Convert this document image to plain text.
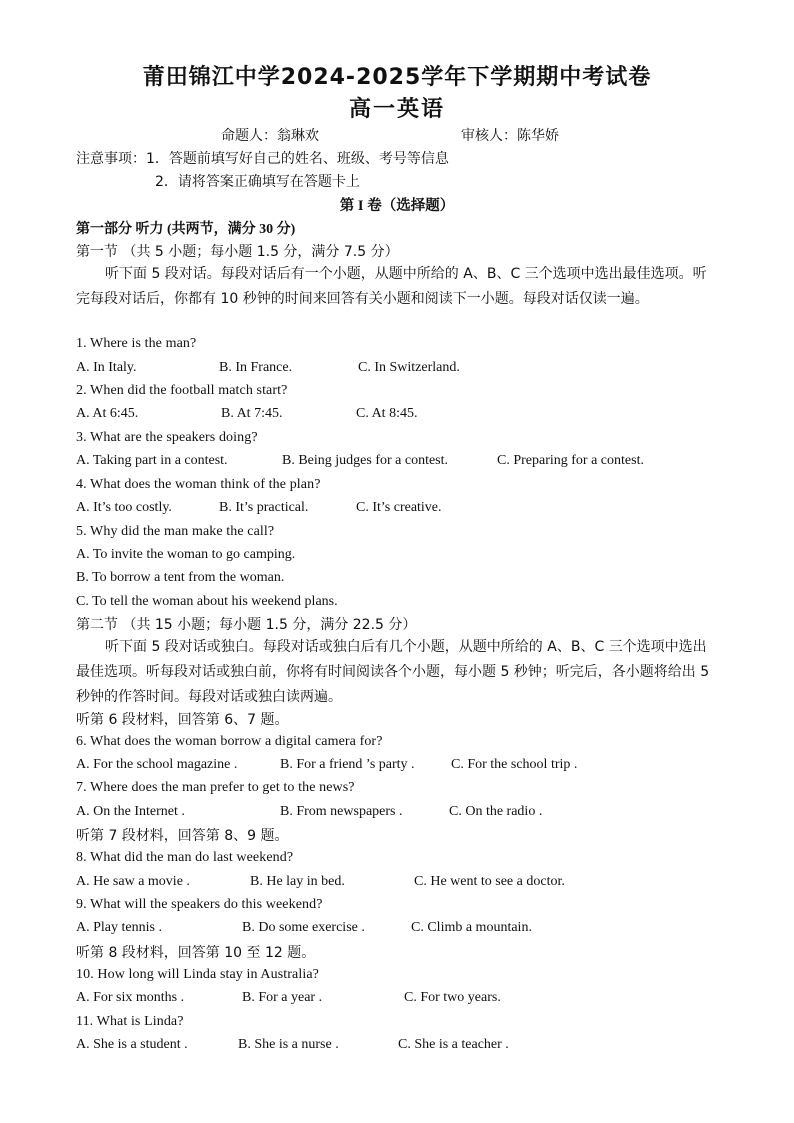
莆田锦江中学2024-2025学年下学期期中考试卷
高一英语
命题人：翁琳欢	审核人：陈华娇
注意事项：1．答题前填写好自己的姓名、班级、考号等信息
2．请将答案正确填写在答题卡上
第 I 卷（选择题）
第一部分 听力 (共两节，满分 30 分)
第一节 （共 5 小题；每小题 1.5 分，满分 7.5 分）
听下面 5 段对话。每段对话后有一个小题，从题中所给的 A、B、C 三个选项中选出最佳选项。听完每段对话后，你都有 10 秒钟的时间来回答有关小题和阅读下一小题。每段对话仅读一遍。
1. Where is the man?
A. In Italy.	B. In France.	C. In Switzerland.
2. When did the football match start?
A. At 6:45.	B. At 7:45.	C. At 8:45.
3. What are the speakers doing?
A. Taking part in a contest.	B. Being judges for a contest.	C. Preparing for a contest.
4. What does the woman think of the plan?
A. It’s too costly.	B. It’s practical.	C. It’s creative.
5. Why did the man make the call?
A. To invite the woman to go camping.
B. To borrow a tent from the woman.
C. To tell the woman about his weekend plans.
第二节 （共 15 小题；每小题 1.5 分，满分 22.5 分）
听下面 5 段对话或独白。每段对话或独白后有几个小题，从题中所给的 A、B、C 三个选项中选出最佳选项。听每段对话或独白前，你将有时间阅读各个小题，每小题 5 秒钟；听完后，各小题将给出 5 秒钟的作答时间。每段对话或独白读两遍。
听第 6 段材料，回答第 6、7 题。
6. What does the woman borrow a digital camera for?
A. For the school magazine .	B. For a friend ’s party .	C. For the school trip .
7. Where does the man prefer to get to the news?
A. On the Internet .	B. From newspapers .	C. On the radio .
听第 7 段材料，回答第 8、9 题。
8. What did the man do last weekend?
A. He saw a movie .	B. He lay in bed.	C. He went to see a doctor.
9. What will the speakers do this weekend?
A. Play tennis .	B. Do some exercise .	C. Climb a mountain.
听第 8 段材料，回答第 10 至 12 题。
10. How long will Linda stay in Australia?
A. For six months .	B. For a year .	C. For two years.
11. What is Linda?
A. She is a student .	B. She is a nurse .	C. She is a teacher .
